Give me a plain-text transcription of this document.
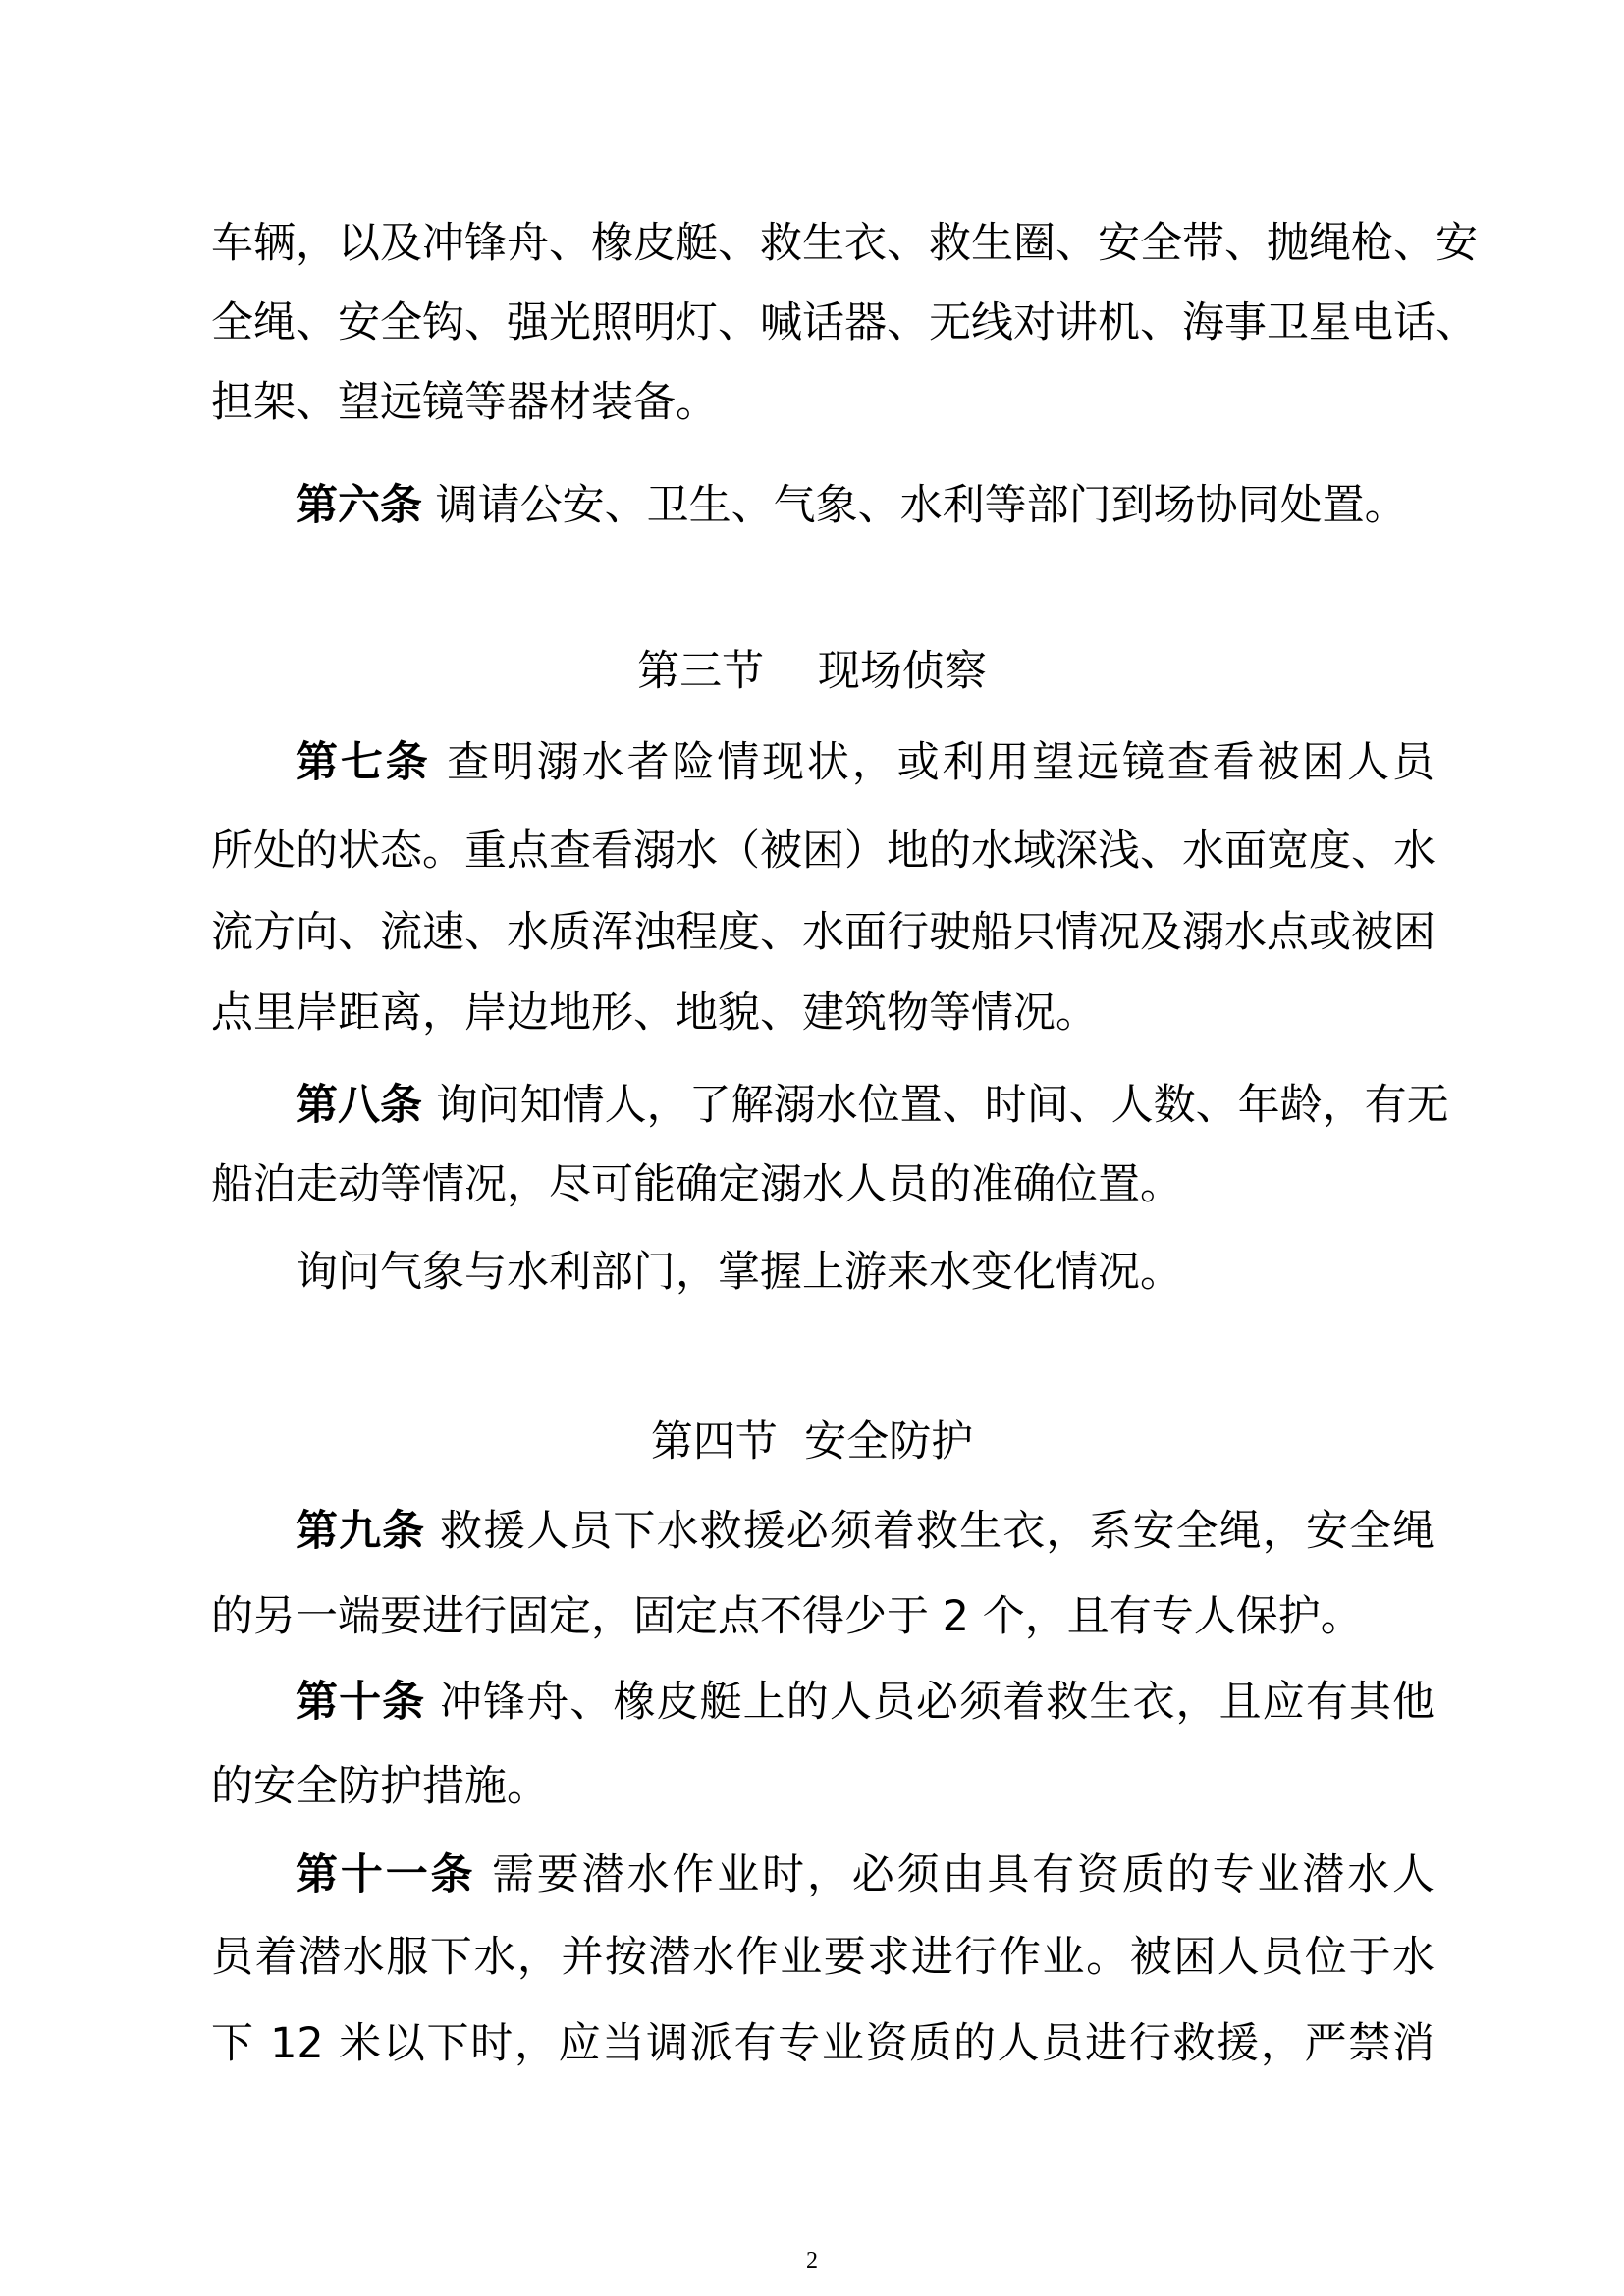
车辆，以及冲锋舟、橡皮艇、救生衣、救生圈、安全带、抛绳枪、安
全绳、安全钩、强光照明灯、喊话器、无线对讲机、海事卫星电话、
担架、望远镜等器材装备。
第六条 调请公安、卫生、气象、水利等部门到场协同处置。
第三节    现场侦察
第七条 查明溺水者险情现状，或利用望远镜查看被困人员
所处的状态。重点查看溺水（被困）地的水域深浅、水面宽度、水
流方向、流速、水质浑浊程度、水面行驶船只情况及溺水点或被困
点里岸距离，岸边地形、地貌、建筑物等情况。
第八条 询问知情人，了解溺水位置、时间、人数、年龄，有无
船泊走动等情况，尽可能确定溺水人员的准确位置。
询问气象与水利部门，掌握上游来水变化情况。
第四节  安全防护
第九条 救援人员下水救援必须着救生衣，系安全绳，安全绳
的另一端要进行固定，固定点不得少于 2 个，且有专人保护。
第十条 冲锋舟、橡皮艇上的人员必须着救生衣，且应有其他
的安全防护措施。
第十一条 需要潜水作业时，必须由具有资质的专业潜水人
员着潜水服下水，并按潜水作业要求进行作业。被困人员位于水
下 12 米以下时，应当调派有专业资质的人员进行救援，严禁消
2
